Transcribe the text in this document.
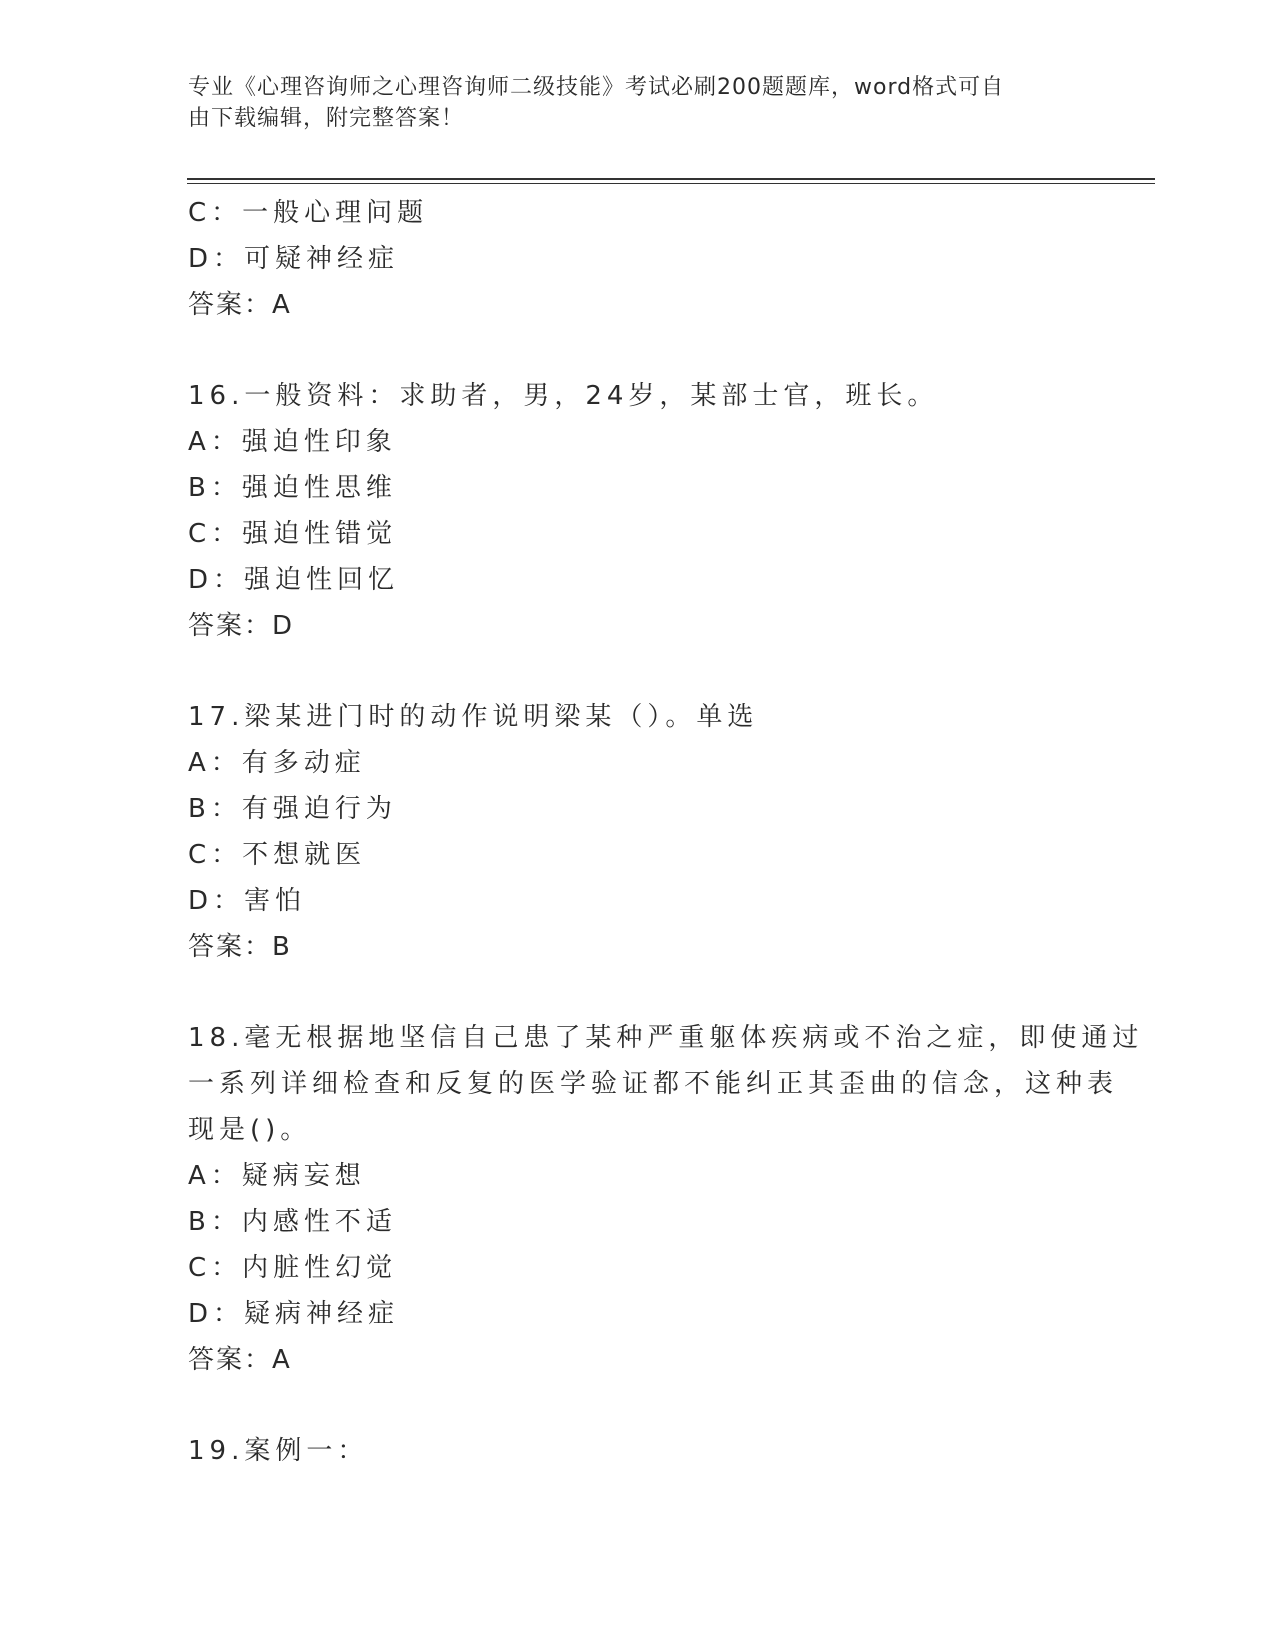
专业《心理咨询师之心理咨询师二级技能》考试必刷200题题库，word格式可自
由下载编辑，附完整答案！
C：一般心理问题
D：可疑神经症
答案：A
16.一般资料：求助者，男，24岁，某部士官，班长。
A：强迫性印象
B：强迫性思维
C：强迫性错觉
D：强迫性回忆
答案：D
17.梁某进门时的动作说明梁某（）。单选
A：有多动症
B：有强迫行为
C：不想就医
D：害怕
答案：B
18.毫无根据地坚信自己患了某种严重躯体疾病或不治之症，即使通过
一系列详细检查和反复的医学验证都不能纠正其歪曲的信念，这种表
现是()。
A：疑病妄想
B：内感性不适
C：内脏性幻觉
D：疑病神经症
答案：A
19.案例一：
